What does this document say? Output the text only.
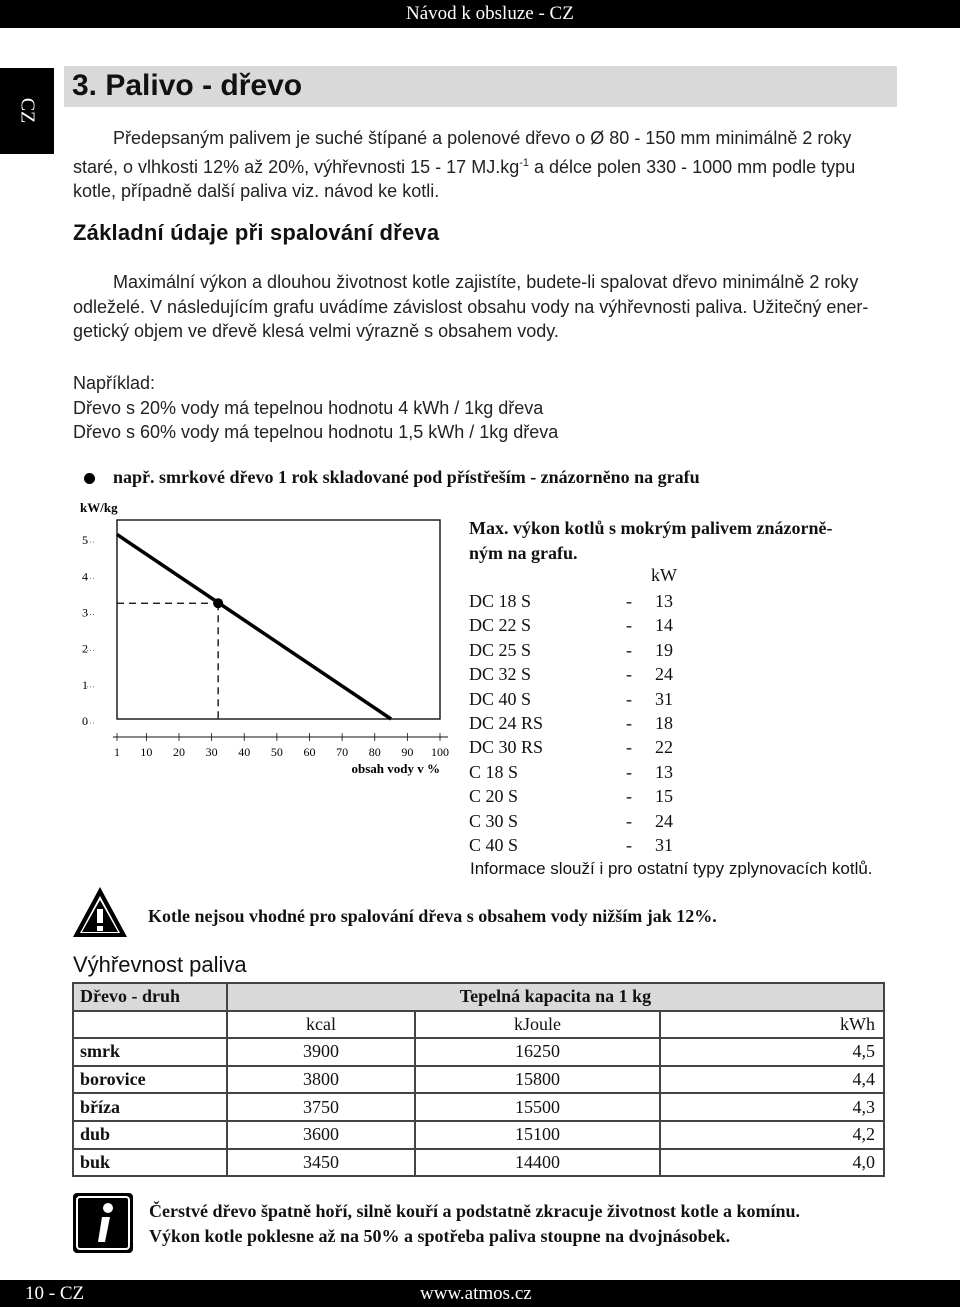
Návod k obsluze - CZ
CZ
3. Palivo - dřevo
Předepsaným palivem je suché štípané a polenové dřevo o Ø 80 - 150 mm minimálně 2 roky
staré, o vlhkosti 12% až 20%, výhřevnosti 15 - 17 $MJ.kg^{-1}$ a délce polen 330 - 1000 mm podle typu
kotle, případně další paliva viz. návod ke kotli.
Základní údaje při spalování dřeva
Maximální výkon a dlouhou životnost kotle zajistíte, budete-li spalovat dřevo minimálně 2 roky
odleželé. V následujícím grafu uvádíme závislost obsahu vody na výhřevnosti paliva. Užitečný ener-
getický objem ve dřevě klesá velmi výrazně s obsahem vody.
Například:
Dřevo s 20% vody má tepelnou hodnotu 4 kWh / 1kg dřeva
Dřevo s 60% vody má tepelnou hodnotu 1,5 kWh / 1kg dřeva
např. smrkové dřevo 1 rok skladované pod přístřeším - znázorněno na grafu
kW/kg
obsah vody v %
0
1
2
3
4
5
1 10 20 30 40 50 60 70 80 90 100
Max. výkon kotlů s mokrým palivem znázorně-
ným na grafu.
kW
DC 18 S	- 13
DC 22 S	- 14
DC 25 S	- 19
DC 32 S	- 24
DC 40 S	- 31
DC 24 RS	- 18
DC 30 RS	- 22
C 18 S	- 13
C 20 S	- 15
C 30 S	- 24
C 40 S	- 31
Informace slouží i pro ostatní typy zplynovacích kotlů.
Kotle nejsou vhodné pro spalování dřeva s obsahem vody nižším jak 12%.
Výhřevnost paliva
Dřevo - druh	Tepelná kapacita na 1 kg		
	kcal	kJoule	kWh
smrk	3900	16250	4,5
borovice	3800	15800	4,4
bříza	3750	15500	4,3
dub	3600	15100	4,2
buk	3450	14400	4,0
Čerstvé dřevo špatně hoří, silně kouří a podstatně zkracuje životnost kotle a komínu.
Výkon kotle poklesne až na 50% a spotřeba paliva stoupne na dvojnásobek.
10 - CZ	www.atmos.cz
